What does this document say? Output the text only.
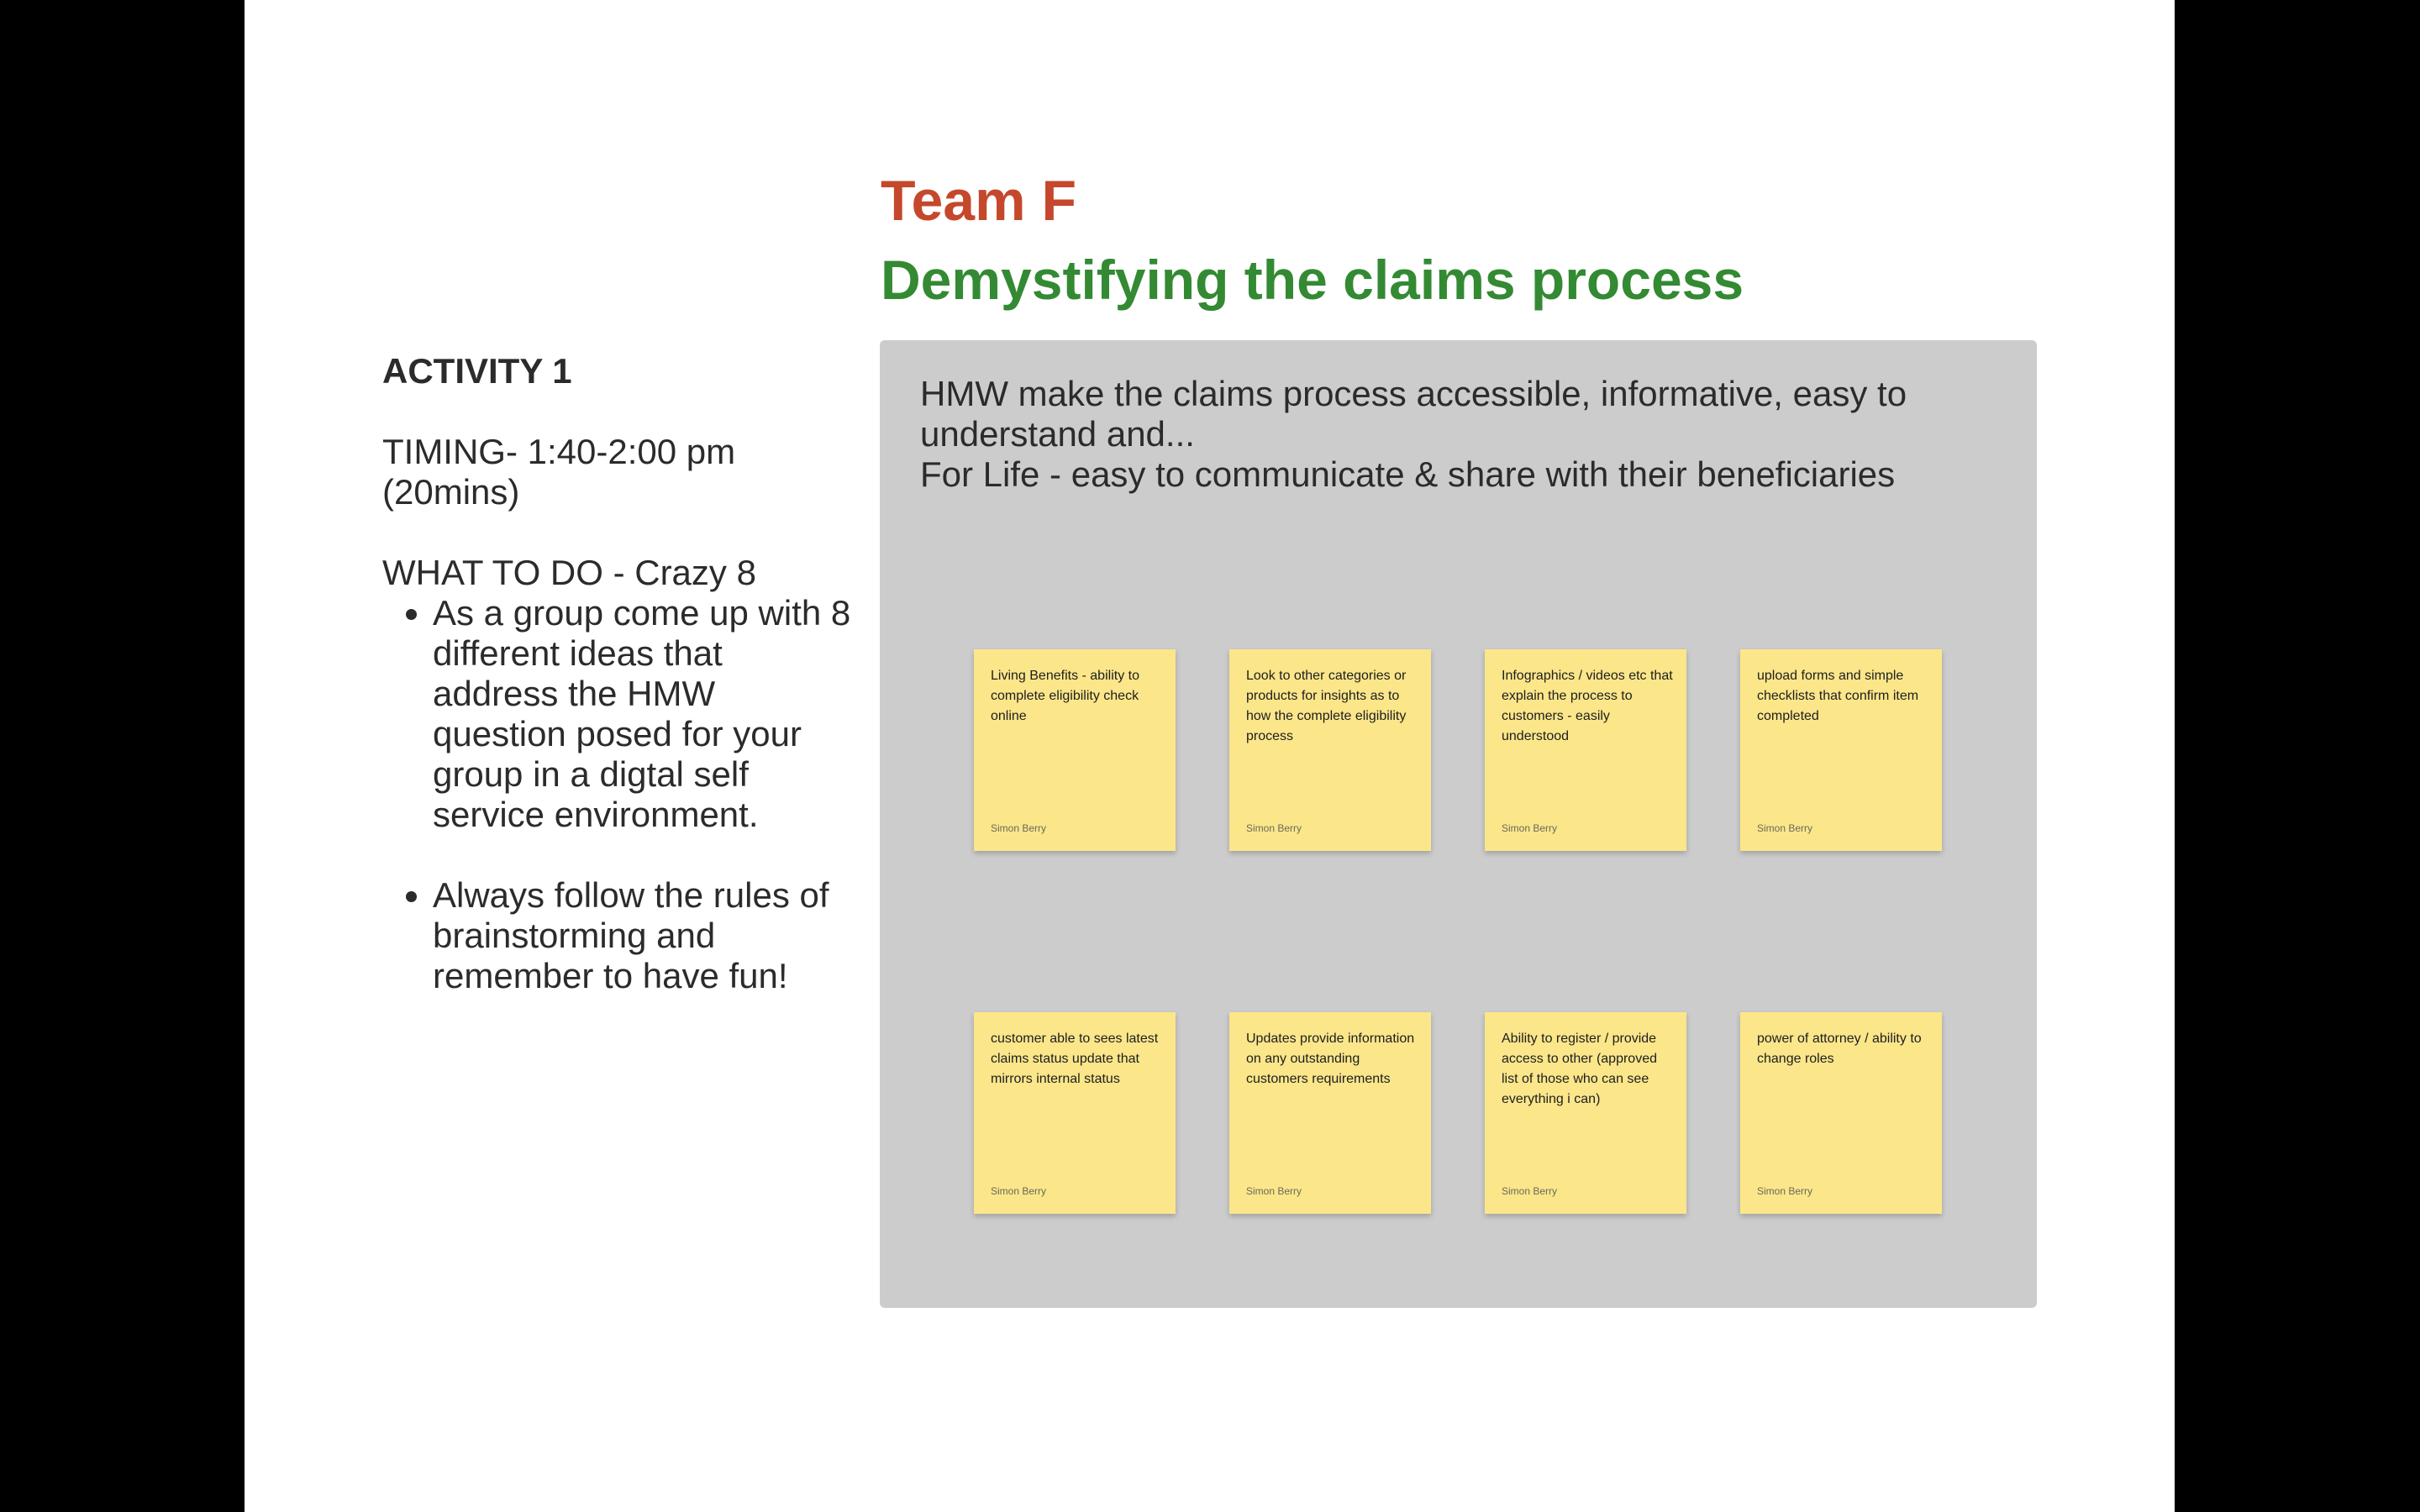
Team F
Demystifying the claims process

ACTIVITY 1

TIMING- 1:40-2:00 pm (20mins)

WHAT TO DO - Crazy 8

• As a group come up with 8 different ideas that address the HMW question posed for your group in a digtal self service environment.
• Always follow the rules of brainstorming and remember to have fun!

HMW make the claims process accessible, informative, easy to understand and...
For Life - easy to communicate & share with their beneficiaries

Living Benefits - ability to complete eligibility check online
Simon Berry
Look to other categories or products for insights as to how the complete eligibility process
Simon Berry
Infographics / videos etc that explain the process to customers - easily understood
Simon Berry
upload forms and simple checklists that confirm item completed
Simon Berry
customer able to sees latest claims status update that mirrors internal status
Simon Berry
Updates provide information on any outstanding customers requirements
Simon Berry
Ability to register / provide access to other (approved list of those who can see everything i can)
Simon Berry
power of attorney / ability to change roles
Simon Berry
